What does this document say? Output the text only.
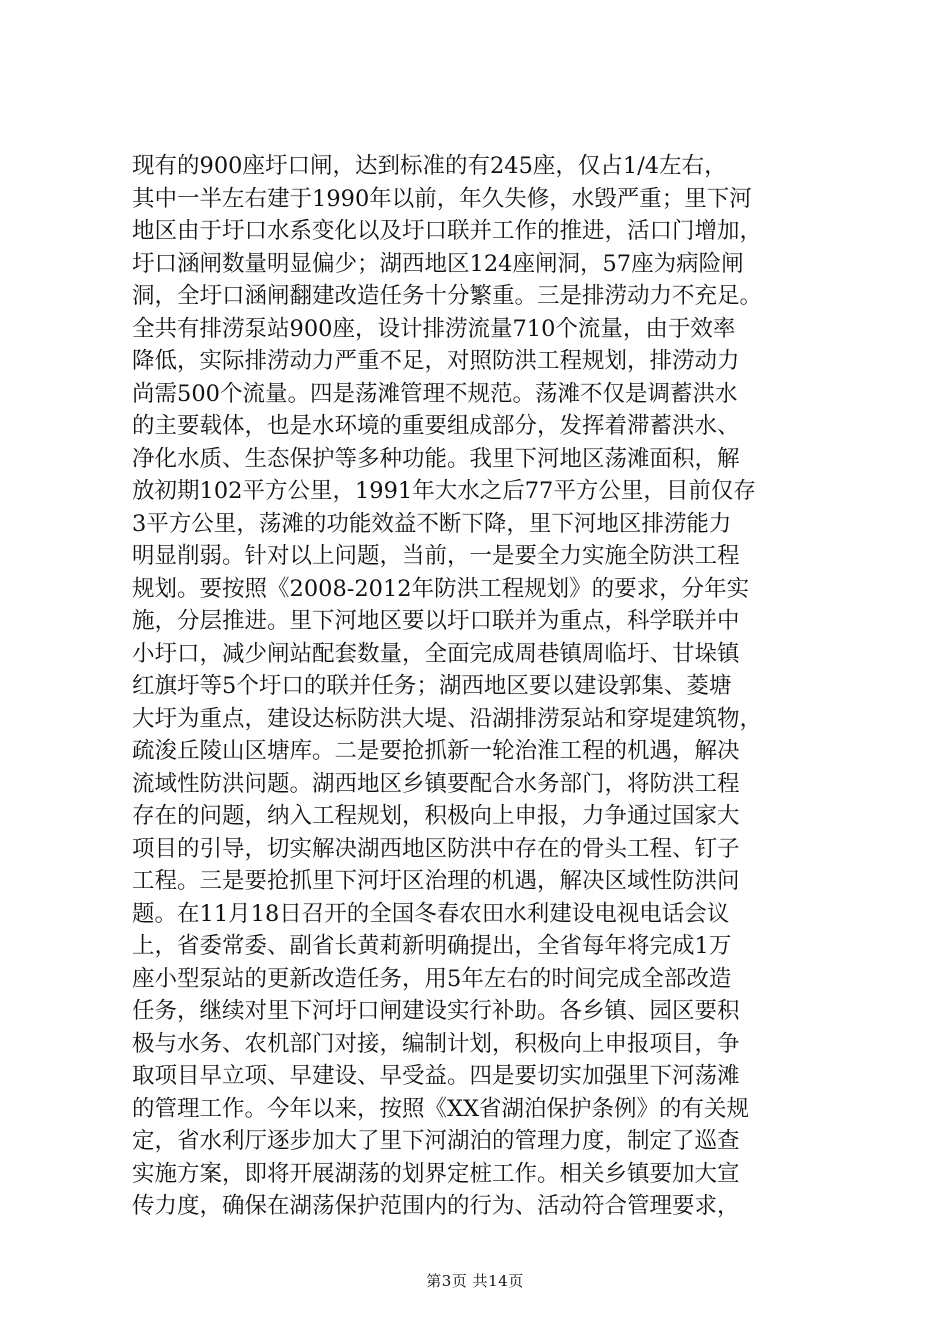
现有的900座圩口闸，达到标准的有245座，仅占1/4左右，
其中一半左右建于1990年以前，年久失修，水毁严重；里下河
地区由于圩口水系变化以及圩口联并工作的推进，活口门增加，
圩口涵闸数量明显偏少；湖西地区124座闸洞，57座为病险闸
洞，全圩口涵闸翻建改造任务十分繁重。三是排涝动力不充足。
全共有排涝泵站900座，设计排涝流量710个流量，由于效率
降低，实际排涝动力严重不足，对照防洪工程规划，排涝动力
尚需500个流量。四是荡滩管理不规范。荡滩不仅是调蓄洪水
的主要载体，也是水环境的重要组成部分，发挥着滞蓄洪水、
净化水质、生态保护等多种功能。我里下河地区荡滩面积，解
放初期102平方公里，1991年大水之后77平方公里，目前仅存
3平方公里，荡滩的功能效益不断下降，里下河地区排涝能力
明显削弱。针对以上问题，当前，一是要全力实施全防洪工程
规划。要按照《2008-2012年防洪工程规划》的要求，分年实
施，分层推进。里下河地区要以圩口联并为重点，科学联并中
小圩口，减少闸站配套数量，全面完成周巷镇周临圩、甘垛镇
红旗圩等5个圩口的联并任务；湖西地区要以建设郭集、菱塘
大圩为重点，建设达标防洪大堤、沿湖排涝泵站和穿堤建筑物，
疏浚丘陵山区塘库。二是要抢抓新一轮治淮工程的机遇，解决
流域性防洪问题。湖西地区乡镇要配合水务部门，将防洪工程
存在的问题，纳入工程规划，积极向上申报，力争通过国家大
项目的引导，切实解决湖西地区防洪中存在的骨头工程、钉子
工程。三是要抢抓里下河圩区治理的机遇，解决区域性防洪问
题。在11月18日召开的全国冬春农田水利建设电视电话会议
上，省委常委、副省长黄莉新明确提出，全省每年将完成1万
座小型泵站的更新改造任务，用5年左右的时间完成全部改造
任务，继续对里下河圩口闸建设实行补助。各乡镇、园区要积
极与水务、农机部门对接，编制计划，积极向上申报项目，争
取项目早立项、早建设、早受益。四是要切实加强里下河荡滩
的管理工作。今年以来，按照《XX省湖泊保护条例》的有关规
定，省水利厅逐步加大了里下河湖泊的管理力度，制定了巡查
实施方案，即将开展湖荡的划界定桩工作。相关乡镇要加大宣
传力度，确保在湖荡保护范围内的行为、活动符合管理要求，
第3页 共14页
